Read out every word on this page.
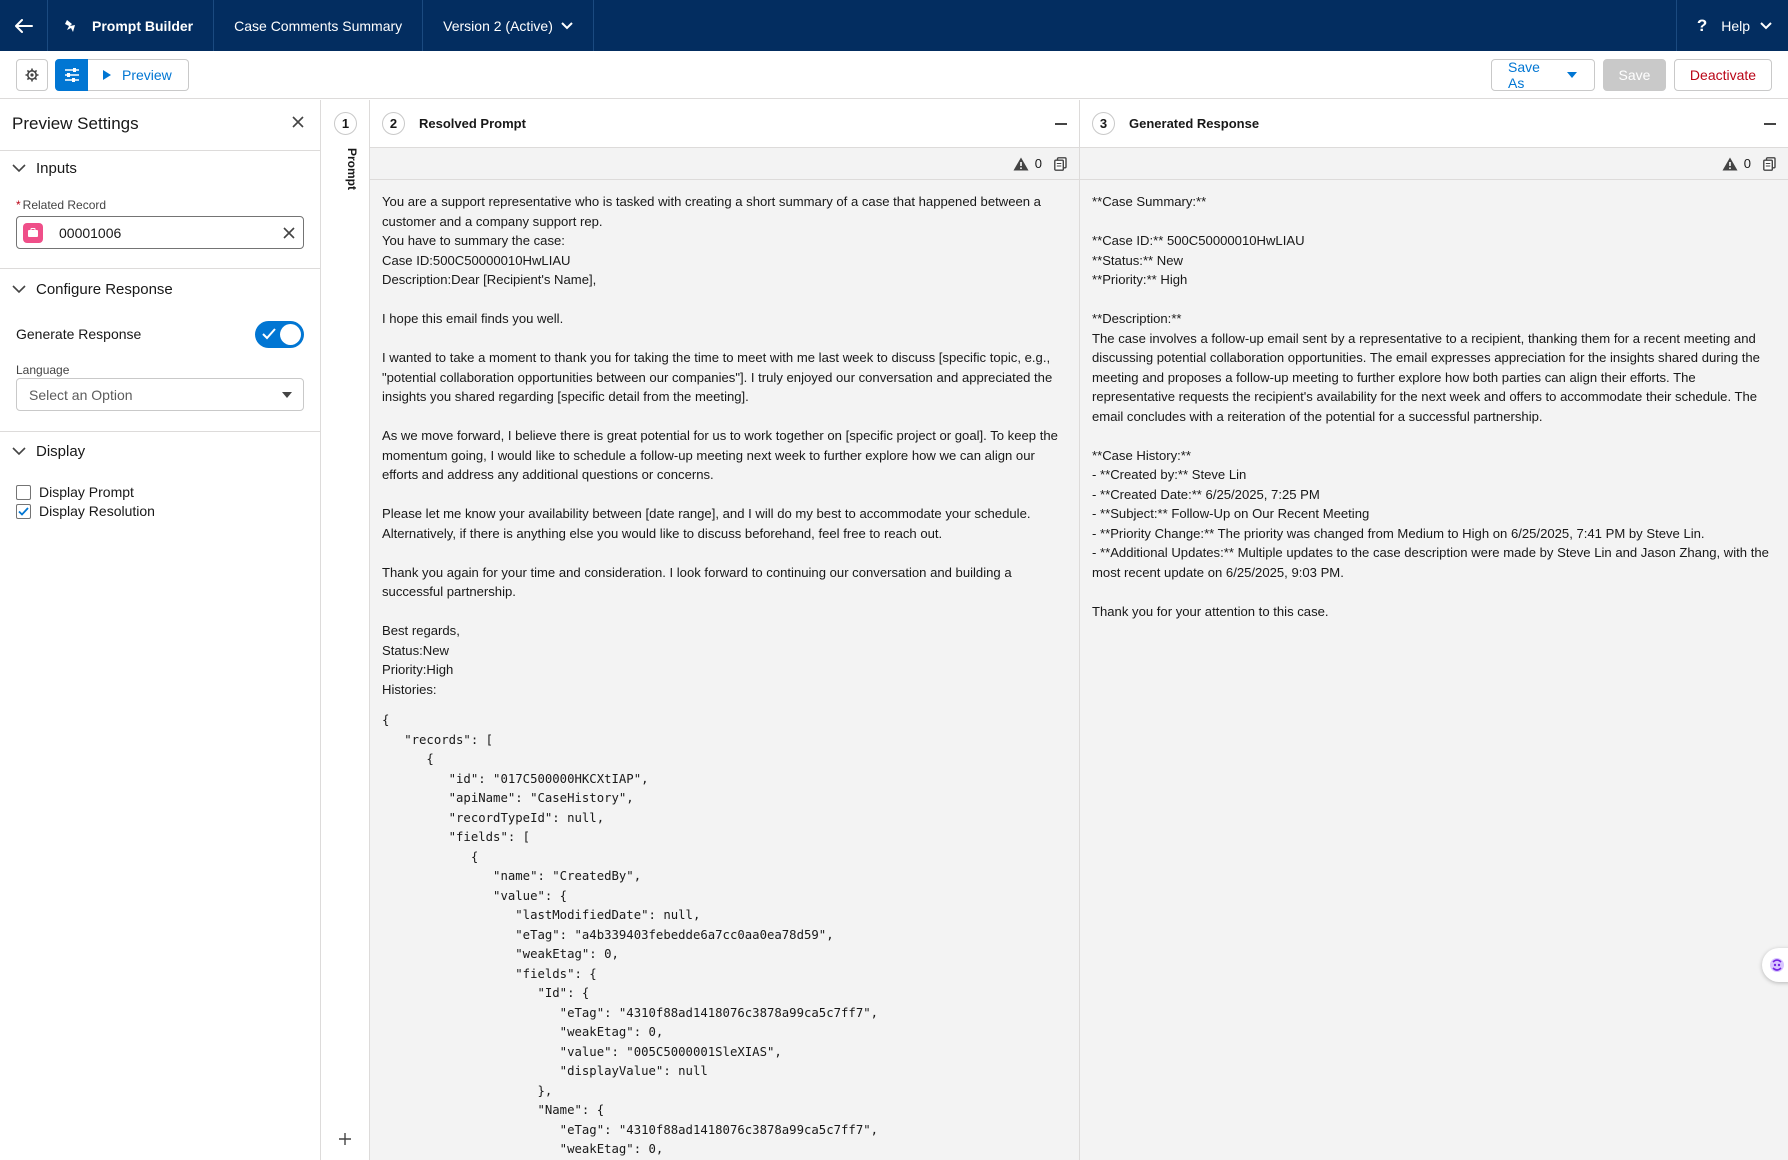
Prompt Builder	Case Comments Summary	Version 2 (Active)	? Help
Preview	Save As	Save	Deactivate
Preview Settings
Inputs
* Related Record
00001006
Configure Response
Generate Response
Language
Select an Option
Display
Display Prompt
Display Resolution
1
Prompt
2	Resolved Prompt
0

You are a support representative who is tasked with creating a short summary of a case that happened between a customer and a company support rep.
You have to summary the case:
Case ID:500C50000010HwLIAU
Description:Dear [Recipient's Name],

I hope this email finds you well.

I wanted to take a moment to thank you for taking the time to meet with me last week to discuss [specific topic, e.g., "potential collaboration opportunities between our companies"]. I truly enjoyed our conversation and appreciated the insights you shared regarding [specific detail from the meeting].

As we move forward, I believe there is great potential for us to work together on [specific project or goal]. To keep the momentum going, I would like to schedule a follow-up meeting next week to further explore how we can align our efforts and address any additional questions or concerns.

Please let me know your availability between [date range], and I will do my best to accommodate your schedule. Alternatively, if there is anything else you would like to discuss beforehand, feel free to reach out.

Thank you again for your time and consideration. I look forward to continuing our conversation and building a successful partnership.

Best regards,
Status:New
Priority:High
Histories:

{
"records": [
{
"id": "017C500000HKCXtIAP",
"apiName": "CaseHistory",
"recordTypeId": null,
"fields": [
{
"name": "CreatedBy",
"value": {
"lastModifiedDate": null,
"eTag": "a4b339403febedde6a7cc0aa0ea78d59",
"weakEtag": 0,
"fields": {
"Id": {
"eTag": "4310f88ad1418076c3878a99ca5c7ff7",
"weakEtag": 0,
"value": "005C5000001SleXIAS",
"displayValue": null
},
"Name": {
"eTag": "4310f88ad1418076c3878a99ca5c7ff7",
"weakEtag": 0,
3	Generated Response
0

**Case Summary:**

**Case ID:** 500C50000010HwLIAU
**Status:** New
**Priority:** High

**Description:**
The case involves a follow-up email sent by a representative to a recipient, thanking them for a recent meeting and discussing potential collaboration opportunities. The email expresses appreciation for the insights shared during the meeting and proposes a follow-up meeting to further explore how both parties can align their efforts. The representative requests the recipient's availability for the next week and offers to accommodate their schedule. The email concludes with a reiteration of the potential for a successful partnership.

**Case History:**
- **Created by:** Steve Lin
- **Created Date:** 6/25/2025, 7:25 PM
- **Subject:** Follow-Up on Our Recent Meeting
- **Priority Change:** The priority was changed from Medium to High on 6/25/2025, 7:41 PM by Steve Lin.
- **Additional Updates:** Multiple updates to the case description were made by Steve Lin and Jason Zhang, with the most recent update on 6/25/2025, 9:03 PM.

Thank you for your attention to this case.
